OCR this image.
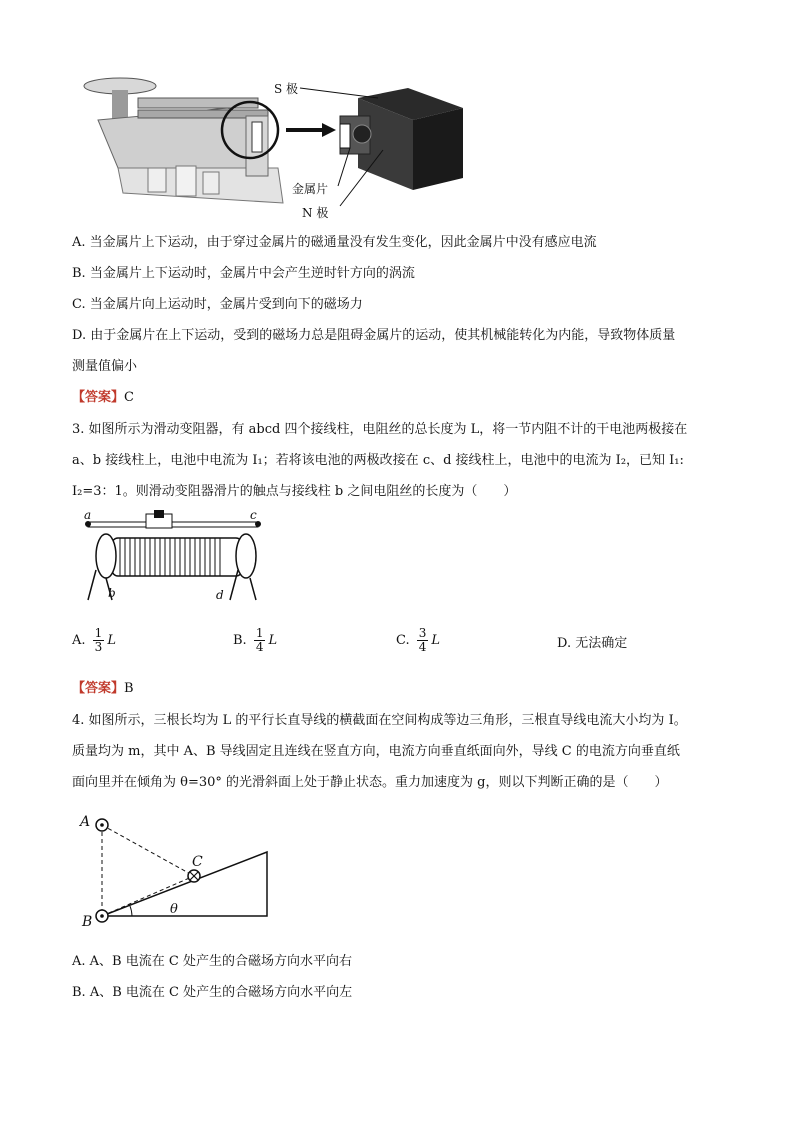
S 极
金属片
N 极
A. 当金属片上下运动，由于穿过金属片的磁通量没有发生变化，因此金属片中没有感应电流
B. 当金属片上下运动时，金属片中会产生逆时针方向的涡流
C. 当金属片向上运动时，金属片受到向下的磁场力
D. 由于金属片在上下运动，受到的磁场力总是阻碍金属片的运动，使其机械能转化为内能，导致物体质量
测量值偏小
【答案】C
3. 如图所示为滑动变阻器，有 abcd 四个接线柱，电阻丝的总长度为 L，将一节内阻不计的干电池两极接在
a、b 接线柱上，电池中电流为 I₁；若将该电池的两极改接在 c、d 接线柱上，电池中的电流为 I₂，已知 I₁:
I₂=3：1。则滑动变阻器滑片的触点与接线柱 b 之间电阻丝的长度为（　　）
a	c
b	d
A. $\frac{1}{3}$ L	B. $\frac{1}{4}$ L	C. $\frac{3}{4}$ L	D. 无法确定
【答案】B
4. 如图所示，三根长均为 L 的平行长直导线的横截面在空间构成等边三角形，三根直导线电流大小均为 I。
质量均为 m，其中 A、B 导线固定且连线在竖直方向，电流方向垂直纸面向外，导线 C 的电流方向垂直纸
面向里并在倾角为 θ=30° 的光滑斜面上处于静止状态。重力加速度为 g，则以下判断正确的是（　　）
A
B
C
θ
A. A、B 电流在 C 处产生的合磁场方向水平向右
B. A、B 电流在 C 处产生的合磁场方向水平向左
